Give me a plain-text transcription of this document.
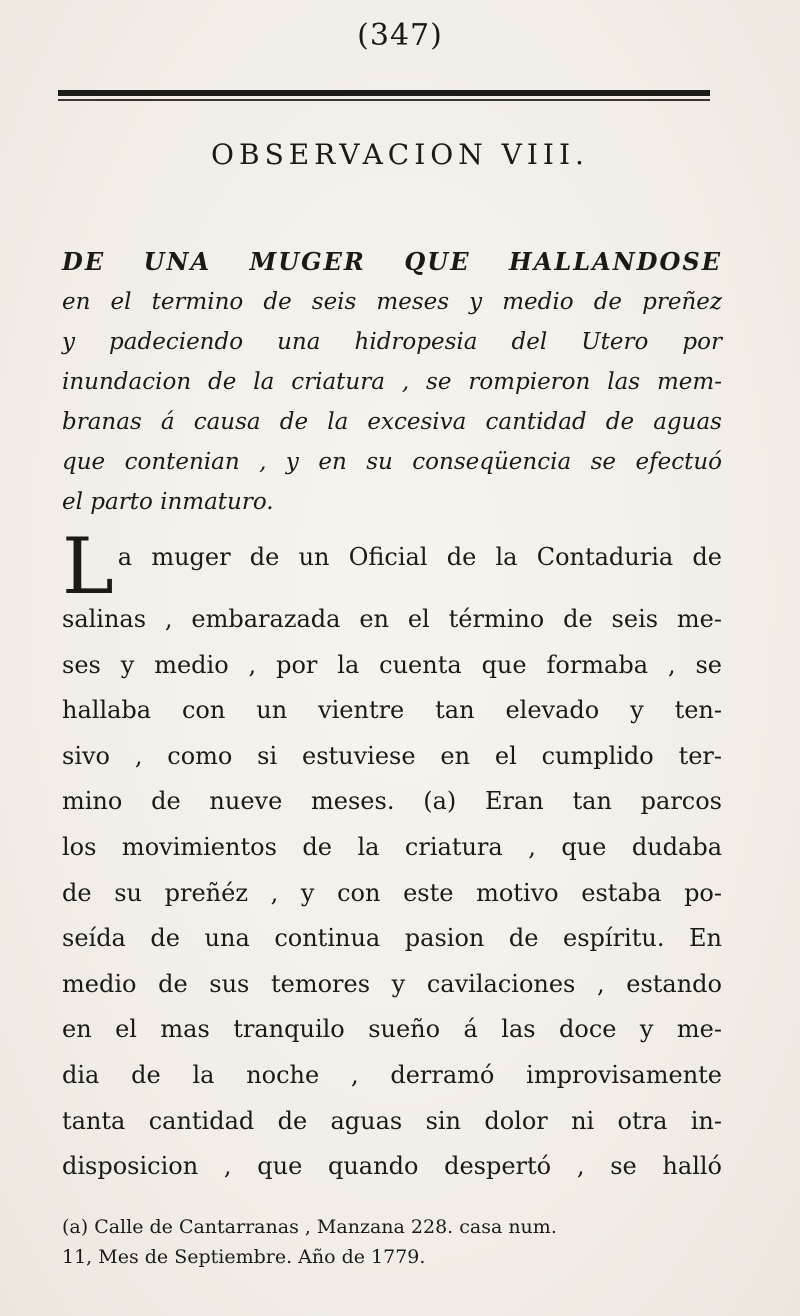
(347)
OBSERVACION VIII.
DE UNA MUGER QUE HALLANDOSE
en el termino de seis meses y medio de preñez
y padeciendo una hidropesia del Utero por
inundacion de la criatura , se rompieron las mem-
branas á causa de la excesiva cantidad de aguas
que contenian , y en su conseqüencia se efectuó
el parto inmaturo.
L a muger de un Oficial de la Contaduria de
salinas , embarazada en el término de seis me-
ses y medio , por la cuenta que formaba , se
hallaba con un vientre tan elevado y ten-
sivo , como si estuviese en el cumplido ter-
mino de nueve meses. (a) Eran tan parcos
los movimientos de la criatura , que dudaba
de su preñéz , y con este motivo estaba po-
seída de una continua pasion de espíritu. En
medio de sus temores y cavilaciones , estando
en el mas tranquilo sueño á las doce y me-
dia de la noche , derramó improvisamente
tanta cantidad de aguas sin dolor ni otra in-
disposicion , que quando despertó , se halló
(a) Calle de Cantarranas , Manzana 228. casa num.
11, Mes de Septiembre. Año de 1779.
